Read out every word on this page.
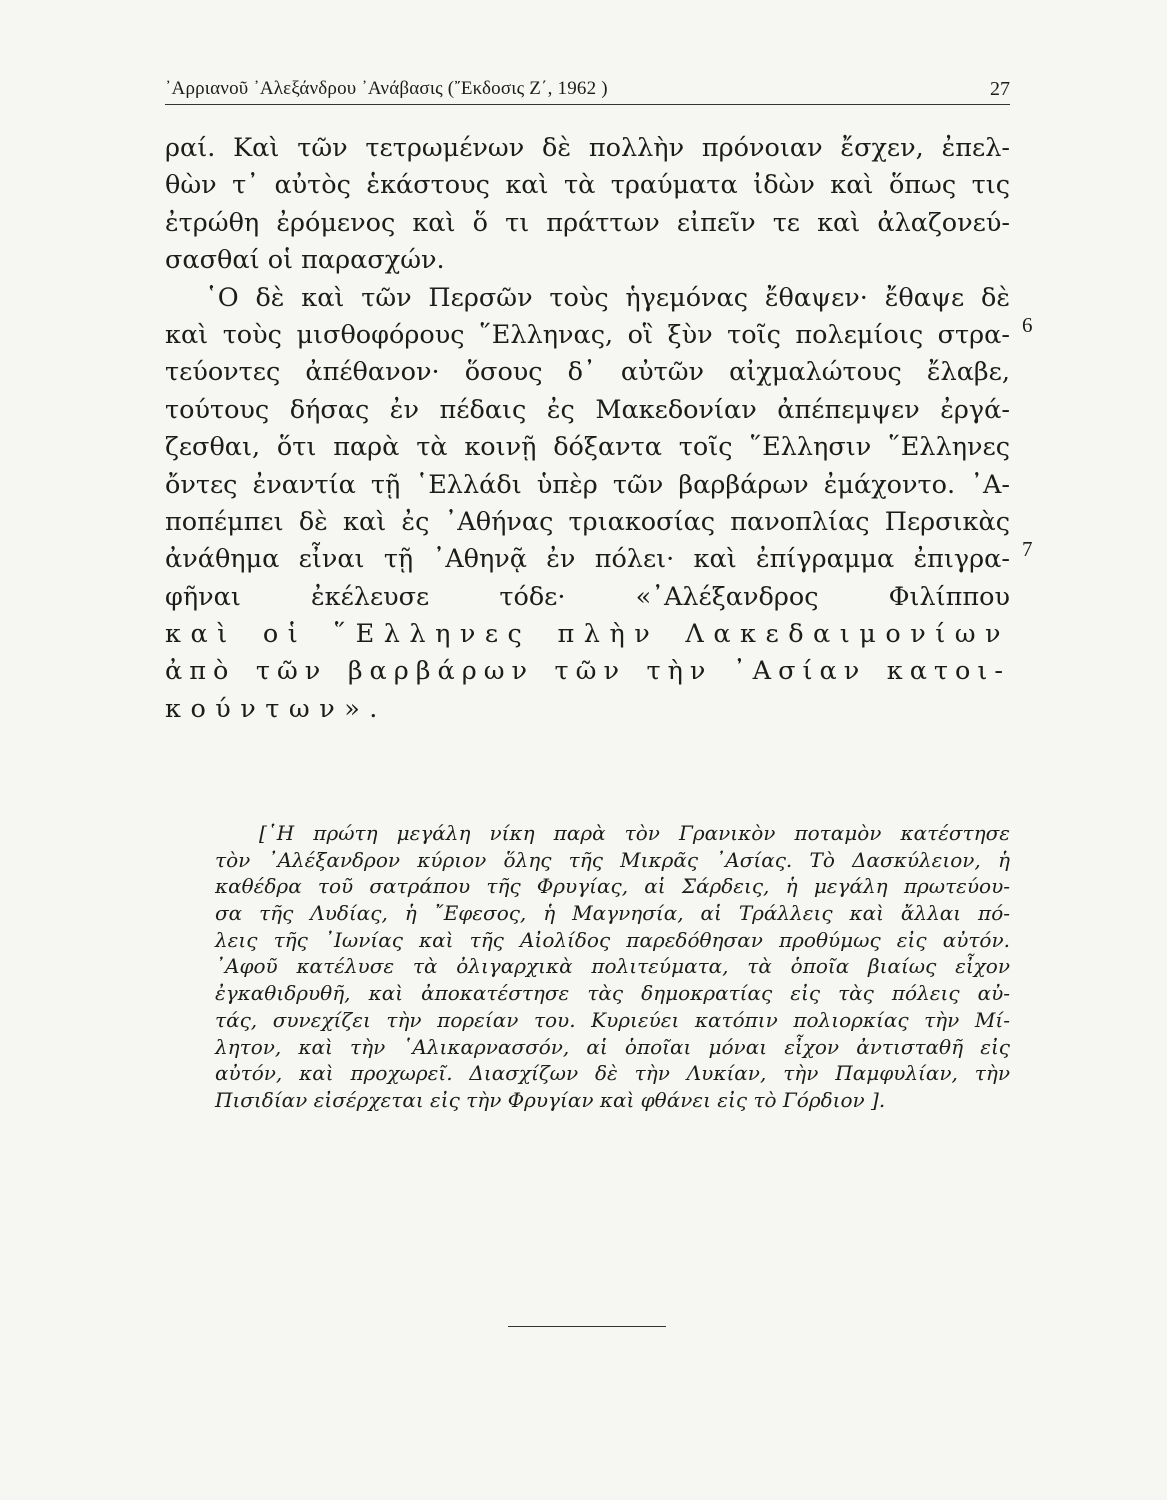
᾿Αρριανοῦ ᾿Αλεξάνδρου ᾿Ανάβασις (῎Εκδοσις Ζ΄, 1962 )	27
ραί. Καὶ τῶν τετρωμένων δὲ πολλὴν πρόνοιαν ἔσχεν, ἐπελ-
θὼν τ᾿ αὐτὸς ἑκάστους καὶ τὰ τραύματα ἰδὼν καὶ ὅπως τις
ἐτρώθη ἐρόμενος καὶ ὅ τι πράττων εἰπεῖν τε καὶ ἀλαζονεύ-
σασθαί οἱ παρασχών.
῾Ο δὲ καὶ τῶν Περσῶν τοὺς ἡγεμόνας ἔθαψεν· ἔθαψε δὲ
καὶ τοὺς μισθοφόρους ῞Ελληνας, οἳ ξὺν τοῖς πολεμίοις στρα-
τεύοντες ἀπέθανον· ὅσους δ᾿ αὐτῶν αἰχμαλώτους ἔλαβε,
τούτους δήσας ἐν πέδαις ἐς Μακεδονίαν ἀπέπεμψεν ἐργά-
ζεσθαι, ὅτι παρὰ τὰ κοινῇ δόξαντα τοῖς ῞Ελλησιν ῞Ελληνες
ὄντες ἐναντία τῇ ῾Ελλάδι ὑπὲρ τῶν βαρβάρων ἐμάχοντο. ᾿Α-
ποπέμπει δὲ καὶ ἐς ᾿Αθήνας τριακοσίας πανοπλίας Περσικὰς
ἀνάθημα εἶναι τῇ ᾿Αθηνᾷ ἐν πόλει· καὶ ἐπίγραμμα ἐπιγρα-
φῆναι ἐκέλευσε τόδε· «᾿Αλέξανδρος Φιλίππου
καὶ οἱ ῞Ελληνες πλὴν Λακεδαιμονίων
ἀπὸ τῶν βαρβάρων τῶν τὴν ᾿Ασίαν κατοι-
κούντων».
6
7
[῾Η πρώτη μεγάλη νίκη παρὰ τὸν Γρανικὸν ποταμὸν κατέστησε
τὸν ᾿Αλέξανδρον κύριον ὅλης τῆς Μικρᾶς ᾿Ασίας. Τὸ Δασκύλειον, ἡ
καθέδρα τοῦ σατράπου τῆς Φρυγίας, αἱ Σάρδεις, ἡ μεγάλη πρωτεύου-
σα τῆς Λυδίας, ἡ ῎Εφεσος, ἡ Μαγνησία, αἱ Τράλλεις καὶ ἄλλαι πό-
λεις τῆς ᾿Ιωνίας καὶ τῆς Αἰολίδος παρεδόθησαν προθύμως εἰς αὐτόν.
᾿Αφοῦ κατέλυσε τὰ ὀλιγαρχικὰ πολιτεύματα, τὰ ὁποῖα βιαίως εἶχον
ἐγκαθιδρυθῆ, καὶ ἀποκατέστησε τὰς δημοκρατίας εἰς τὰς πόλεις αὐ-
τάς, συνεχίζει τὴν πορείαν του. Κυριεύει κατόπιν πολιορκίας τὴν Μί-
λητον, καὶ τὴν ῾Αλικαρνασσόν, αἱ ὁποῖαι μόναι εἶχον ἀντισταθῆ εἰς
αὐτόν, καὶ προχωρεῖ. Διασχίζων δὲ τὴν Λυκίαν, τὴν Παμφυλίαν, τὴν
Πισιδίαν εἰσέρχεται εἰς τὴν Φρυγίαν καὶ φθάνει εἰς τὸ Γόρδιον ].
